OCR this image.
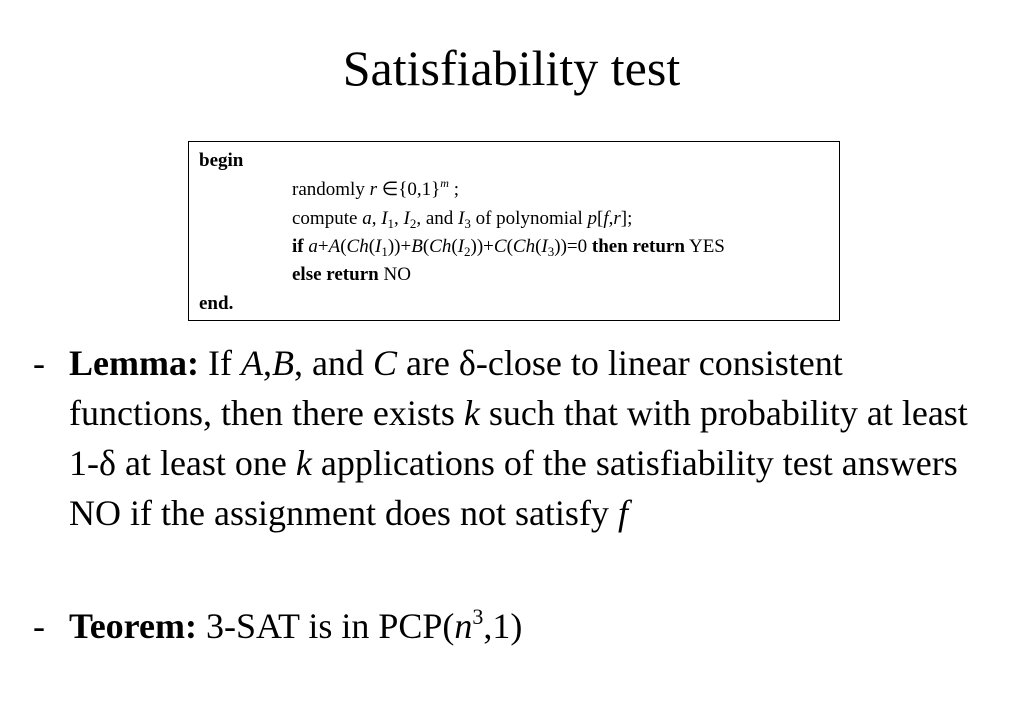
Satisfiability test
begin
randomly r $\in\{0,1\}^m$ ;
compute a, $I_1$, $I_2$, and $I_3$ of polynomial p[f,r];
if $a+A(Ch(I_1))+B(Ch(I_2))+C(Ch(I_3))=0$ then return YES
else return NO
end.
- Lemma: If A,B, and C are δ-close to linear consistent functions, then there exists k such that with probability at least 1-δ at least one k applications of the satisfiability test answers NO if the assignment does not satisfy f
- Teorem: 3-SAT is in $PCP(n^3,1)$
